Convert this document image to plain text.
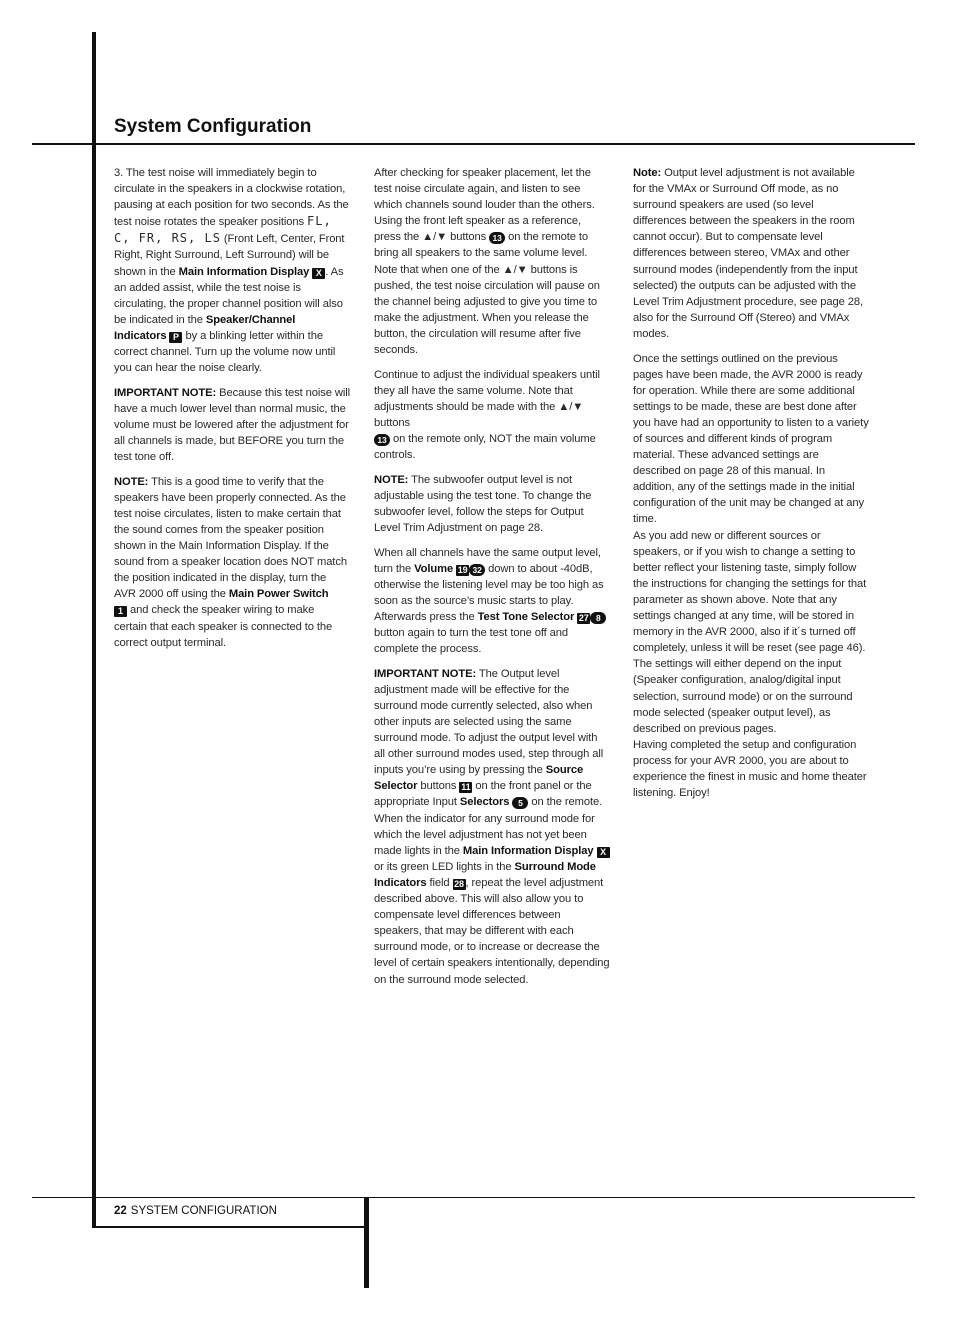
System Configuration

3. The test noise will immediately begin to circulate in the speakers in a clockwise rotation, pausing at each position for two seconds. As the test noise rotates the speaker positions FL, C, FR, RS, LS (Front Left, Center, Front Right, Right Surround, Left Surround) will be shown in the Main Information Display X . As an added assist, while the test noise is circulating, the proper channel position will also be indicated in the Speaker/Channel Indicators P by a blinking letter within the correct channel. Turn up the volume now until you can hear the noise clearly.

IMPORTANT NOTE: Because this test noise will have a much lower level than normal music, the volume must be lowered after the adjustment for all channels is made, but BEFORE you turn the test tone off.

NOTE: This is a good time to verify that the speakers have been properly connected. As the test noise circulates, listen to make certain that the sound comes from the speaker position shown in the Main Information Display. If the sound from a speaker location does NOT match the position indicated in the display, turn the AVR 2000 off using the Main Power Switch
1 and check the speaker wiring to make certain that each speaker is connected to the correct output terminal.

After checking for speaker placement, let the test noise circulate again, and listen to see which channels sound louder than the others. Using the front left speaker as a reference, press the ▲/▼ buttons 13 on the remote to bring all speakers to the same volume level. Note that when one of the ▲/▼ buttons is pushed, the test noise circulation will pause on the channel being adjusted to give you time to make the adjustment. When you release the button, the circulation will resume after five seconds.

Continue to adjust the individual speakers until they all have the same volume. Note that adjustments should be made with the ▲/▼ buttons
13 on the remote only, NOT the main volume controls.

NOTE: The subwoofer output level is not adjustable using the test tone. To change the subwoofer level, follow the steps for Output Level Trim Adjustment on page 28.

When all channels have the same output level, turn the Volume 19 32 down to about -40dB, otherwise the listening level may be too high as soon as the source’s music starts to play. Afterwards press the Test Tone Selector 27 8 button again to turn the test tone off and complete the process.

IMPORTANT NOTE: The Output level adjustment made will be effective for the surround mode currently selected, also when other inputs are selected using the same surround mode. To adjust the output level with all other surround modes used, step through all inputs you’re using by pressing the Source Selector buttons 11 on the front panel or the appropriate Input Selectors 5 on the remote. When the indicator for any surround mode for which the level adjustment has not yet been made lights in the Main Information Display X or its green LED lights in the Surround Mode Indicators field 28 , repeat the level adjustment described above. This will also allow you to compensate level differences between speakers, that may be different with each surround mode, or to increase or decrease the level of certain speakers intentionally, depending on the surround mode selected.

Note: Output level adjustment is not available for the VMAx or Surround Off mode, as no surround speakers are used (so level differences between the speakers in the room cannot occur). But to compensate level differences between stereo, VMAx and other surround modes (independently from the input selected) the outputs can be adjusted with the Level Trim Adjustment procedure, see page 28, also for the Surround Off (Stereo) and VMAx modes.

Once the settings outlined on the previous pages have been made, the AVR 2000 is ready for operation. While there are some additional settings to be made, these are best done after you have had an opportunity to listen to a variety of sources and different kinds of program material. These advanced settings are described on page 28 of this manual. In addition, any of the settings made in the initial configuration of the unit may be changed at any time.
As you add new or different sources or speakers, or if you wish to change a setting to better reflect your listening taste, simply follow the instructions for changing the settings for that parameter as shown above. Note that any settings changed at any time, will be stored in memory in the AVR 2000, also if it´s turned off completely, unless it will be reset (see page 46). The settings will either depend on the input (Speaker configuration, analog/digital input selection, surround mode) or on the surround mode selected (speaker output level), as described on previous pages.
Having completed the setup and configuration process for your AVR 2000, you are about to experience the finest in music and home theater listening. Enjoy!

22 SYSTEM CONFIGURATION
